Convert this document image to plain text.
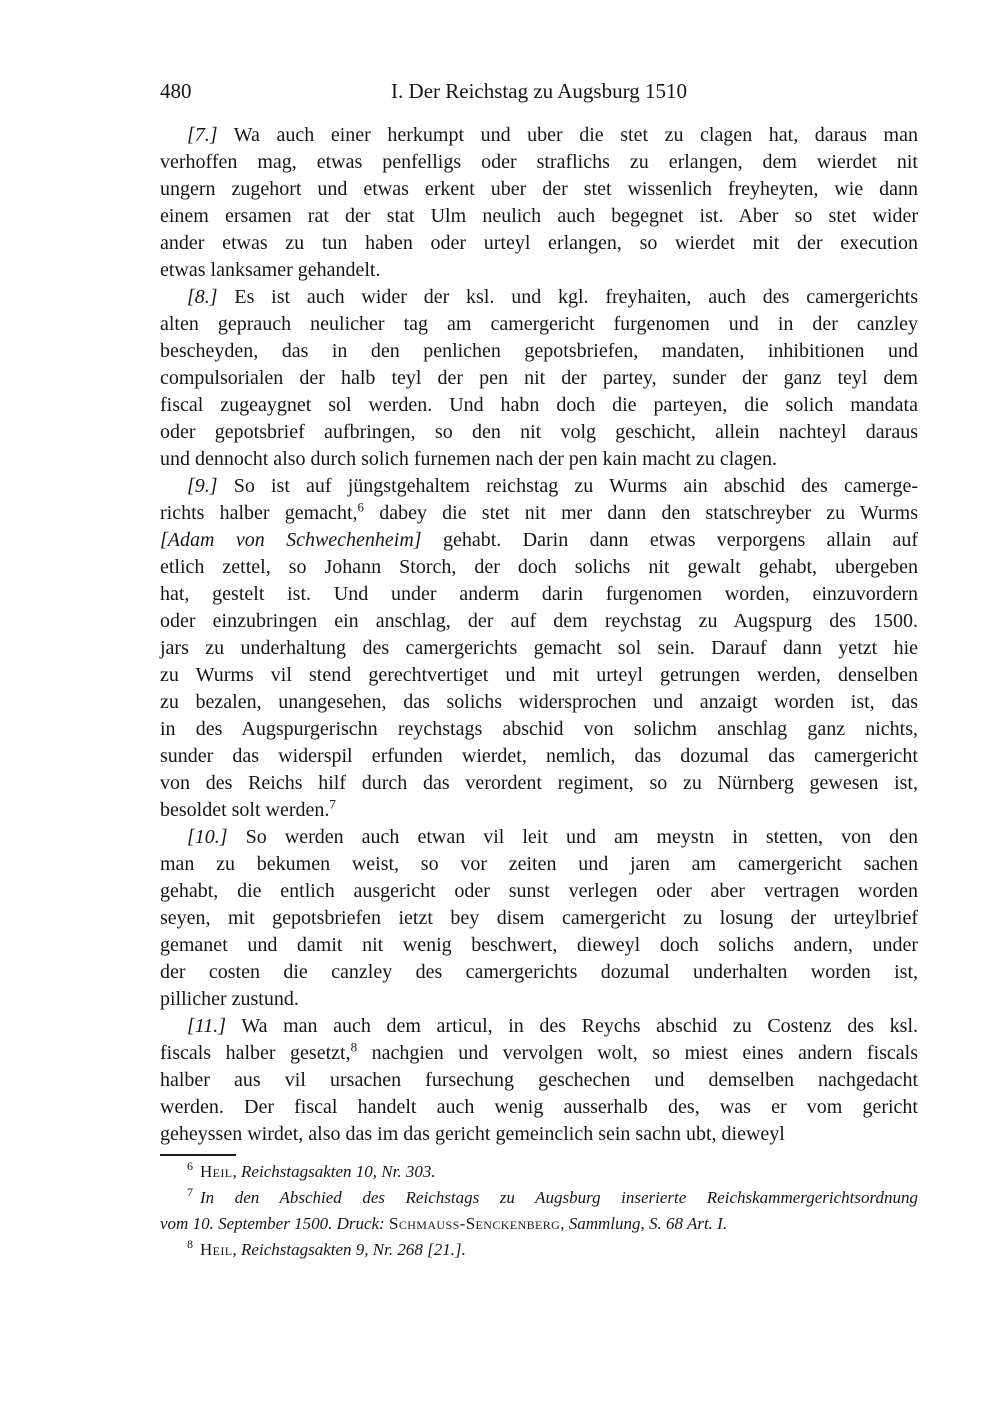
480	I. Der Reichstag zu Augsburg 1510
[7.] Wa auch einer herkumpt und uber die stet zu clagen hat, daraus man
verhoffen mag, etwas penfelligs oder straflichs zu erlangen, dem wierdet nit
ungern zugehort und etwas erkent uber der stet wissenlich freyheyten, wie dann
einem ersamen rat der stat Ulm neulich auch begegnet ist. Aber so stet wider
ander etwas zu tun haben oder urteyl erlangen, so wierdet mit der execution
etwas lanksamer gehandelt.
[8.] Es ist auch wider der ksl. und kgl. freyhaiten, auch des camergerichts
alten geprauch neulicher tag am camergericht furgenomen und in der canzley
bescheyden, das in den penlichen gepotsbriefen, mandaten, inhibitionen und
compulsorialen der halb teyl der pen nit der partey, sunder der ganz teyl dem
fiscal zugeaygnet sol werden. Und habn doch die parteyen, die solich mandata
oder gepotsbrief aufbringen, so den nit volg geschicht, allein nachteyl daraus
und dennocht also durch solich furnemen nach der pen kain macht zu clagen.
[9.] So ist auf jüngstgehaltem reichstag zu Wurms ain abschid des camerge-
richts halber gemacht,$^6$ dabey die stet nit mer dann den statschreyber zu Wurms
[Adam von Schwechenheim] gehabt. Darin dann etwas verporgens allain auf
etlich zettel, so Johann Storch, der doch solichs nit gewalt gehabt, ubergeben
hat, gestelt ist. Und under anderm darin furgenomen worden, einzuvordern
oder einzubringen ein anschlag, der auf dem reychstag zu Augspurg des 1500.
jars zu underhaltung des camergerichts gemacht sol sein. Darauf dann yetzt hie
zu Wurms vil stend gerechtvertiget und mit urteyl getrungen werden, denselben
zu bezalen, unangesehen, das solichs widersprochen und anzaigt worden ist, das
in des Augspurgerischn reychstags abschid von solichm anschlag ganz nichts,
sunder das widerspil erfunden wierdet, nemlich, das dozumal das camergericht
von des Reichs hilf durch das verordent regiment, so zu Nürnberg gewesen ist,
besoldet solt werden.$^7$
[10.] So werden auch etwan vil leit und am meystn in stetten, von den
man zu bekumen weist, so vor zeiten und jaren am camergericht sachen
gehabt, die entlich ausgericht oder sunst verlegen oder aber vertragen worden
seyen, mit gepotsbriefen ietzt bey disem camergericht zu losung der urteylbrief
gemanet und damit nit wenig beschwert, dieweyl doch solichs andern, under
der costen die canzley des camergerichts dozumal underhalten worden ist,
pillicher zustund.
[11.] Wa man auch dem articul, in des Reychs abschid zu Costenz des ksl.
fiscals halber gesetzt,$^8$ nachgien und vervolgen wolt, so miest eines andern fiscals
halber aus vil ursachen fursechung geschechen und demselben nachgedacht
werden. Der fiscal handelt auch wenig ausserhalb des, was er vom gericht
geheyssen wirdet, also das im das gericht gemeinclich sein sachn ubt, dieweyl
$^6$ Heil, Reichstagsakten 10, Nr. 303.
$^7$ In den Abschied des Reichstags zu Augsburg inserierte Reichskammergerichtsordnung
vom 10. September 1500. Druck: Schmauss-Senckenberg, Sammlung, S. 68 Art. I.
$^8$ Heil, Reichstagsakten 9, Nr. 268 [21.].
